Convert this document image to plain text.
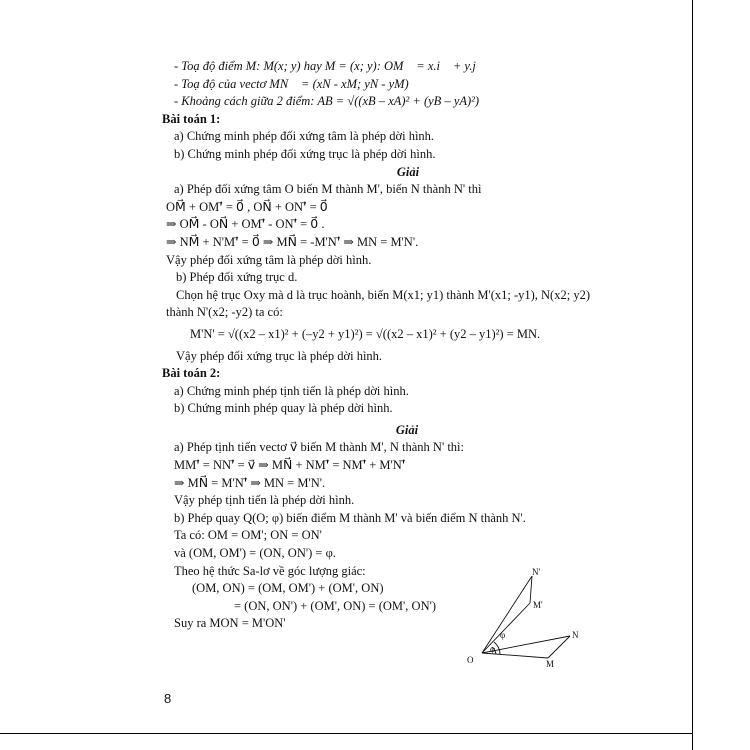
- Toạ độ điểm M: M(x; y) hay M = (x; y): OM⃗ = x.i⃗ + y.j⃗
- Toạ độ của vectơ MN⃗ = (xN - xM; yN - yM)
- Khoảng cách giữa 2 điểm: AB = √((xB – xA)² + (yB – yA)²)
Bài toán 1:
a) Chứng minh phép đối xứng tâm là phép dời hình.
b) Chứng minh phép đối xứng trục là phép dời hình.
Giải
a) Phép đối xứng tâm O biến M thành M', biến N thành N' thì
OM⃗ + OM'⃗ = 0⃗ , ON⃗ + ON'⃗ = 0⃗
⇒ OM⃗ - ON⃗ + OM'⃗ - ON'⃗ = 0⃗ .
⇒ NM⃗ + N'M'⃗ = 0⃗ ⇒ MN⃗ = -M'N'⃗ ⇒ MN = M'N'.
Vậy phép đối xứng tâm là phép dời hình.
b) Phép đối xứng trục d.
Chọn hệ trục Oxy mà d là trục hoành, biến M(x1; y1) thành M'(x1; -y1), N(x2; y2)
thành N'(x2; -y2) ta có:
M'N' = √((x2 – x1)² + (–y2 + y1)²) = √((x2 – x1)² + (y2 – y1)²) = MN.
Vậy phép đối xứng trục là phép dời hình.
Bài toán 2:
a) Chứng minh phép tịnh tiến là phép dời hình.
b) Chứng minh phép quay là phép dời hình.
Giải
a) Phép tịnh tiến vectơ v⃗ biến M thành M', N thành N' thì:
MM'⃗ = NN'⃗ = v⃗ ⇒ MN⃗ + NM'⃗ = NM'⃗ + M'N'⃗
⇒ MN⃗ = M'N'⃗ ⇒ MN = M'N'.
Vậy phép tịnh tiến là phép dời hình.
b) Phép quay Q(O; φ) biến điểm M thành M' và biến điểm N thành N'.
Ta có: OM = OM'; ON = ON'
và (OM, OM') = (ON, ON') = φ.
Theo hệ thức Sa-lơ về góc lượng giác:
(OM, ON) = (OM, OM') + (OM', ON)
= (ON, ON') + (OM', ON) = (OM', ON')
Suy ra MON = M'ON'
N'
M'
N
M
O
φ
φ
8
